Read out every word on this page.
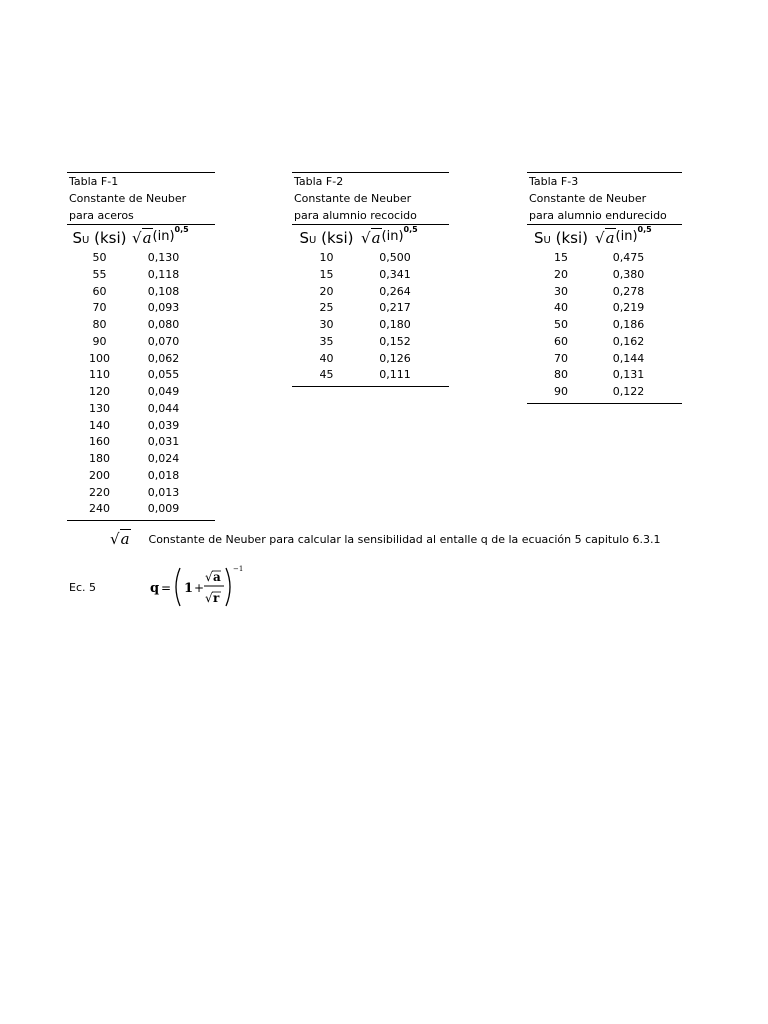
Tabla F-1
Constante de Neuber
para aceros
SU (ksi) √a (in) 0,5
50	0,130
55	0,118
60	0,108
70	0,093
80	0,080
90	0,070
100	0,062
110	0,055
120	0,049
130	0,044
140	0,039
160	0,031
180	0,024
200	0,018
220	0,013
240	0,009
Tabla F-2
Constante de Neuber
para alumnio recocido
SU (ksi) √a (in) 0,5
10	0,500
15	0,341
20	0,264
25	0,217
30	0,180
35	0,152
40	0,126
45	0,111
Tabla F-3
Constante de Neuber
para alumnio endurecido
SU (ksi) √a (in) 0,5
15	0,475
20	0,380
30	0,278
40	0,219
50	0,186
60	0,162
70	0,144
80	0,131
90	0,122
√a Constante de Neuber para calcular la sensibilidad al entalle q de la ecuación 5 capitulo 6.3.1
Ec. 5	q = 1 +
√ a
√ r
−1
